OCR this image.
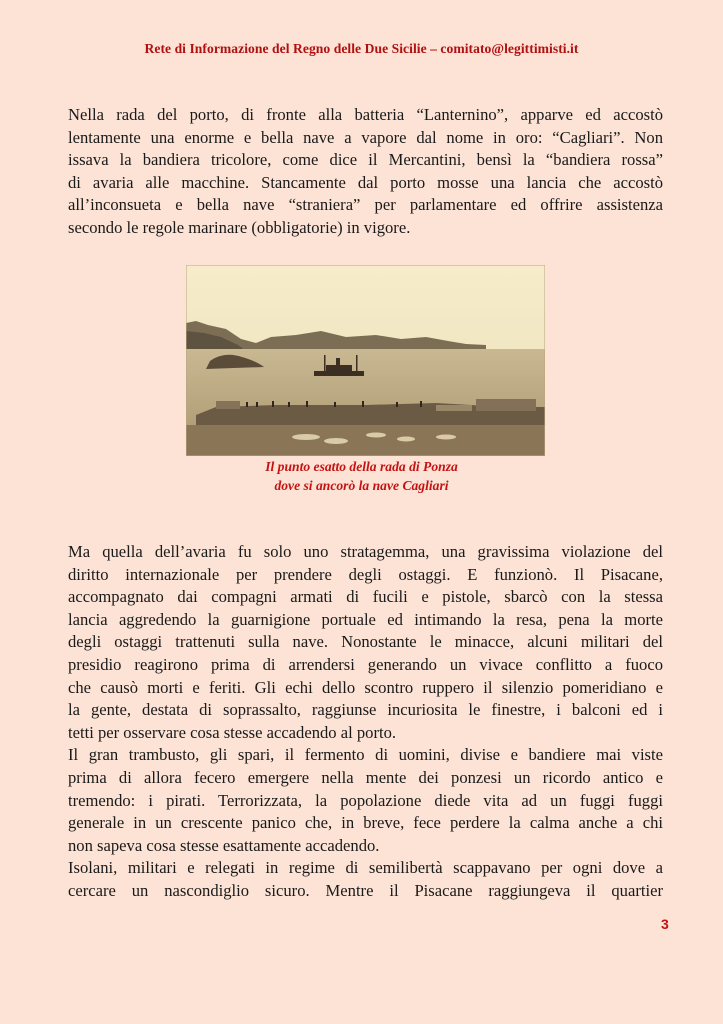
Rete di Informazione del Regno delle Due Sicilie – comitato@legittimisti.it
Nella rada del porto, di fronte alla batteria “Lanternino”, apparve ed accostò
lentamente una enorme e bella nave a vapore dal nome in oro: “Cagliari”. Non
issava la bandiera tricolore, come dice il Mercantini, bensì la “bandiera rossa”
di avaria alle macchine. Stancamente dal porto mosse una lancia che accostò
all’inconsueta e bella nave “straniera” per parlamentare ed offrire assistenza
secondo le regole marinare (obbligatorie) in vigore.
Il punto esatto della rada di Ponza
dove si ancorò la nave Cagliari
Ma quella dell’avaria fu solo uno stratagemma, una gravissima violazione del
diritto internazionale per prendere degli ostaggi. E funzionò. Il Pisacane,
accompagnato dai compagni armati di fucili e pistole, sbarcò con la stessa
lancia aggredendo la guarnigione portuale ed intimando la resa, pena la morte
degli ostaggi trattenuti sulla nave. Nonostante le minacce, alcuni militari del
presidio reagirono prima di arrendersi generando un vivace conflitto a fuoco
che causò morti e feriti. Gli echi dello scontro ruppero il silenzio pomeridiano e
la gente, destata di soprassalto, raggiunse incuriosita le finestre, i balconi ed i
tetti per osservare cosa stesse accadendo al porto.
Il gran trambusto, gli spari, il fermento di uomini, divise e bandiere mai viste
prima di allora fecero emergere nella mente dei ponzesi un ricordo antico e
tremendo: i pirati. Terrorizzata, la popolazione diede vita ad un fuggi fuggi
generale in un crescente panico che, in breve, fece perdere la calma anche a chi
non sapeva cosa stesse esattamente accadendo.
Isolani, militari e relegati in regime di semilibertà scappavano per ogni dove a
cercare un nascondiglio sicuro. Mentre il Pisacane raggiungeva il quartier
3
